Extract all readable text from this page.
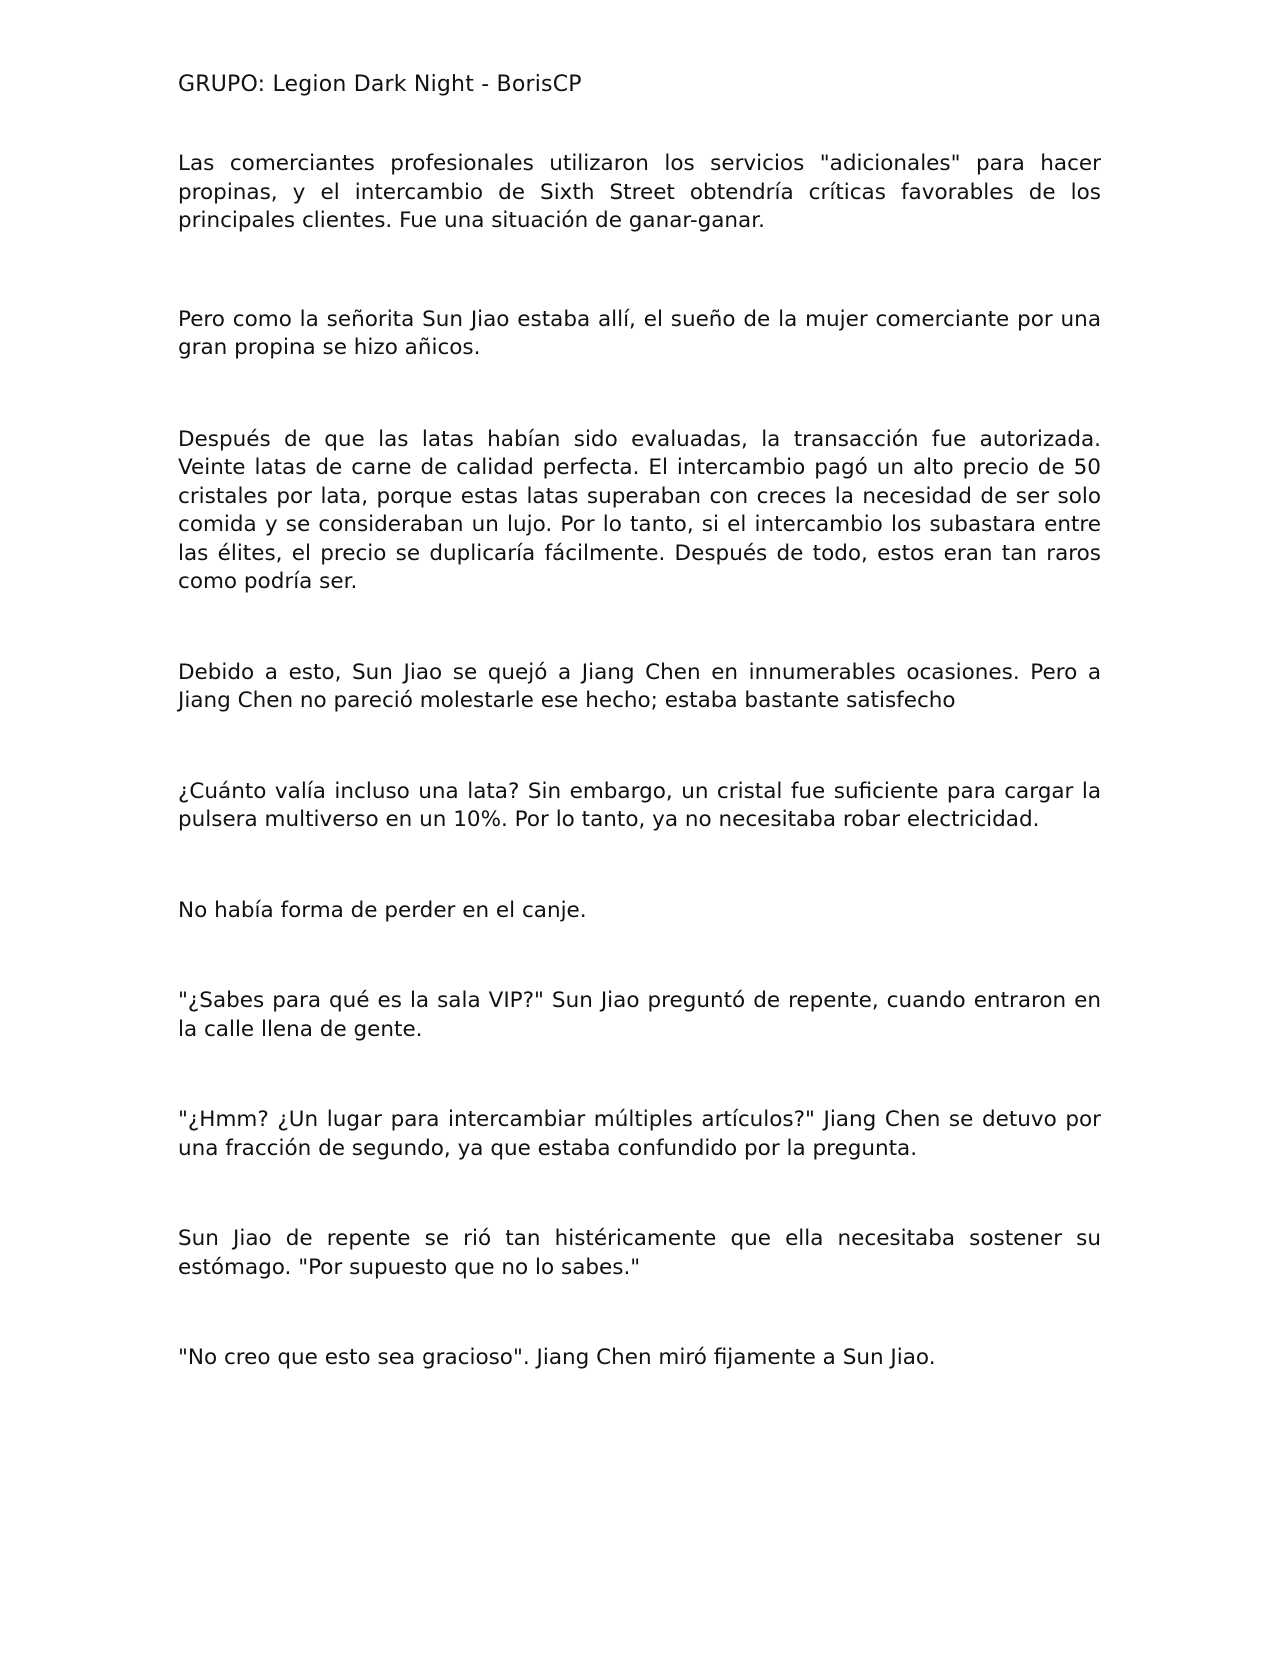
GRUPO: Legion Dark Night - BorisCP

Las comerciantes profesionales utilizaron los servicios "adicionales" para hacer propinas, y el intercambio de Sixth Street obtendría críticas favorables de los principales clientes. Fue una situación de ganar-ganar.

Pero como la señorita Sun Jiao estaba allí, el sueño de la mujer comerciante por una gran propina se hizo añicos.

Después de que las latas habían sido evaluadas, la transacción fue autorizada. Veinte latas de carne de calidad perfecta. El intercambio pagó un alto precio de 50 cristales por lata, porque estas latas superaban con creces la necesidad de ser solo comida y se consideraban un lujo. Por lo tanto, si el intercambio los subastara entre las élites, el precio se duplicaría fácilmente. Después de todo, estos eran tan raros como podría ser.

Debido a esto, Sun Jiao se quejó a Jiang Chen en innumerables ocasiones. Pero a Jiang Chen no pareció molestarle ese hecho; estaba bastante satisfecho

¿Cuánto valía incluso una lata? Sin embargo, un cristal fue suficiente para cargar la pulsera multiverso en un 10%. Por lo tanto, ya no necesitaba robar electricidad.

No había forma de perder en el canje.

"¿Sabes para qué es la sala VIP?" Sun Jiao preguntó de repente, cuando entraron en la calle llena de gente.

"¿Hmm? ¿Un lugar para intercambiar múltiples artículos?" Jiang Chen se detuvo por una fracción de segundo, ya que estaba confundido por la pregunta.

Sun Jiao de repente se rió tan histéricamente que ella necesitaba sostener su estómago. "Por supuesto que no lo sabes."

"No creo que esto sea gracioso". Jiang Chen miró fijamente a Sun Jiao.
